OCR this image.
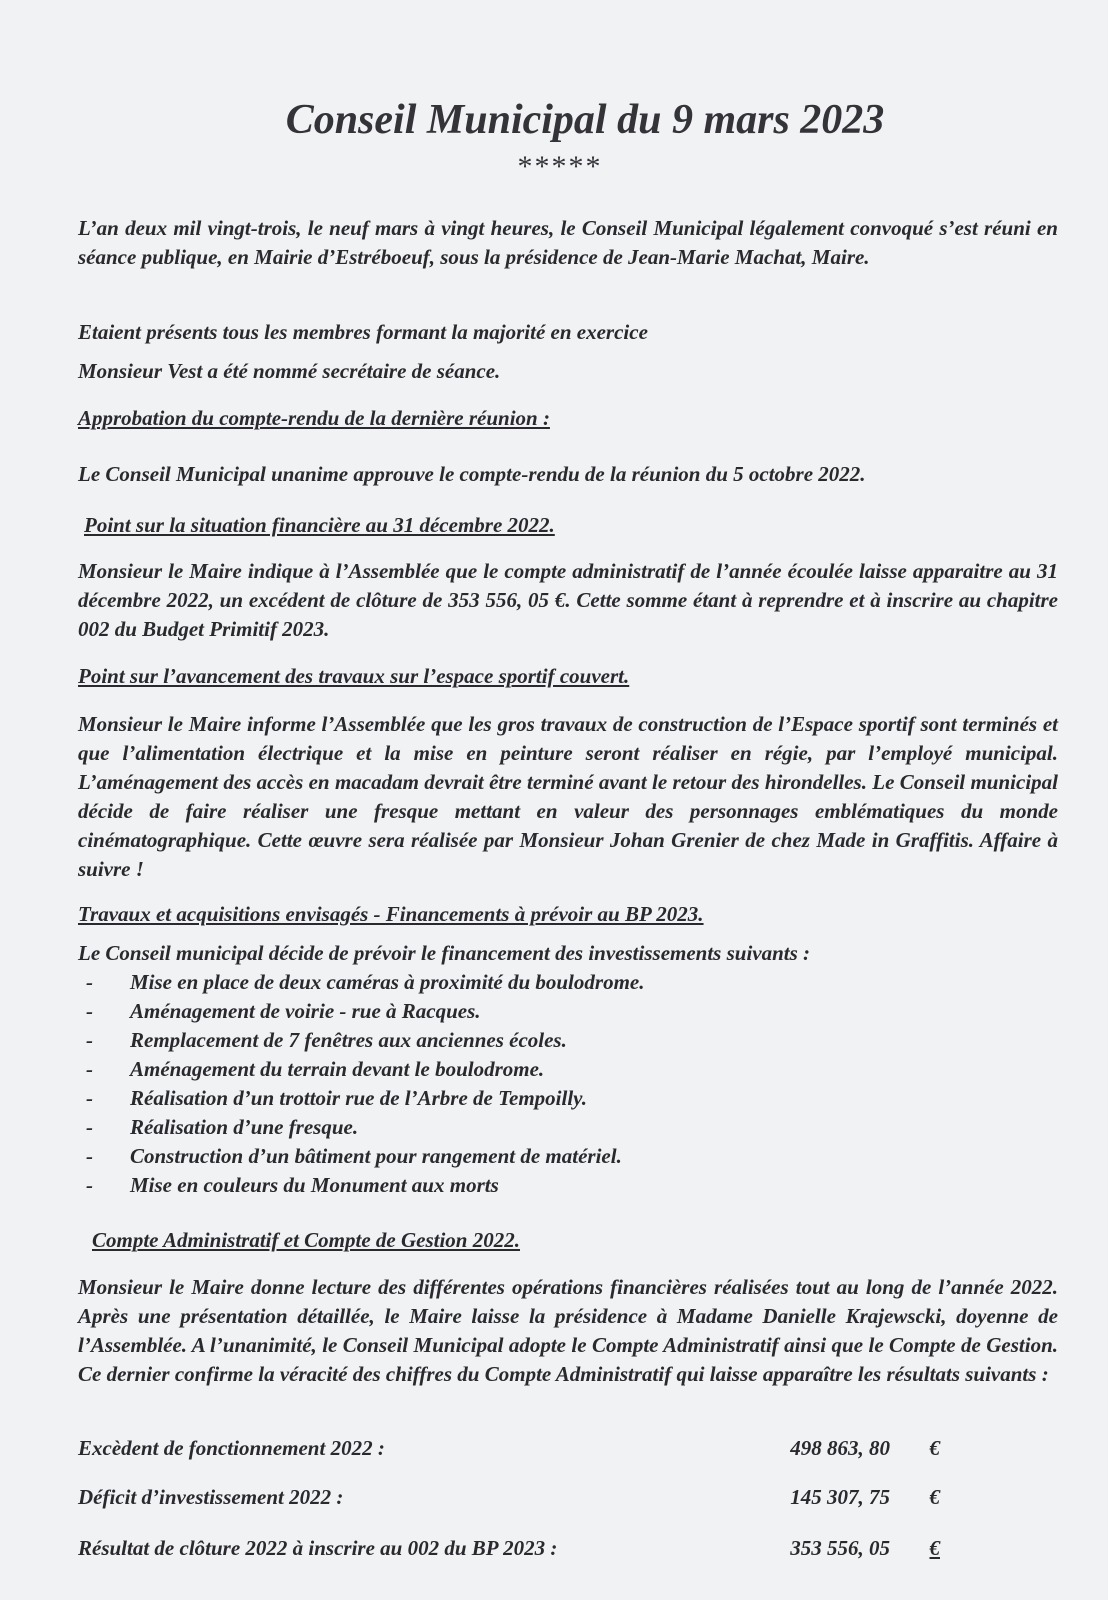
Conseil Municipal du 9 mars 2023
*****

L’an deux mil vingt-trois, le neuf mars à vingt heures, le Conseil Municipal légalement convoqué s’est réuni en séance publique, en Mairie d’Estréboeuf, sous la présidence de Jean-Marie Machat, Maire.

Etaient présents tous les membres formant la majorité en exercice

Monsieur Vest a été nommé secrétaire de séance.

Approbation du compte-rendu de la dernière réunion :

Le Conseil Municipal unanime approuve le compte-rendu de la réunion du 5 octobre 2022.

Point sur la situation financière au 31 décembre 2022.

Monsieur le Maire indique à l’Assemblée que le compte administratif de l’année écoulée laisse apparaitre au 31 décembre 2022, un excédent de clôture de 353 556, 05 €. Cette somme étant à reprendre et à inscrire au chapitre 002 du Budget Primitif 2023.

Point sur l’avancement des travaux sur l’espace sportif couvert.

Monsieur le Maire informe l’Assemblée que les gros travaux de construction de l’Espace sportif sont terminés et que l’alimentation électrique et la mise en peinture seront réaliser en régie, par l’employé municipal. L’aménagement des accès en macadam devrait être terminé avant le retour des hirondelles. Le Conseil municipal décide de faire réaliser une fresque mettant en valeur des personnages emblématiques du monde cinématographique. Cette œuvre sera réalisée par Monsieur Johan Grenier de chez Made in Graffitis. Affaire à suivre !

Travaux et acquisitions envisagés - Financements à prévoir au BP 2023.

Le Conseil municipal décide de prévoir le financement des investissements suivants :

- Mise en place de deux caméras à proximité du boulodrome.
- Aménagement de voirie - rue à Racques.
- Remplacement de 7 fenêtres aux anciennes écoles.
- Aménagement du terrain devant le boulodrome.
- Réalisation d’un trottoir rue de l’Arbre de Tempoilly.
- Réalisation d’une fresque.
- Construction d’un bâtiment pour rangement de matériel.
- Mise en couleurs du Monument aux morts

Compte Administratif et Compte de Gestion 2022.

Monsieur le Maire donne lecture des différentes opérations financières réalisées tout au long de l’année 2022. Après une présentation détaillée, le Maire laisse la présidence à Madame Danielle Krajewscki, doyenne de l’Assemblée. A l’unanimité, le Conseil Municipal adopte le Compte Administratif ainsi que le Compte de Gestion. Ce dernier confirme la véracité des chiffres du Compte Administratif qui laisse apparaître les résultats suivants :

Excèdent de fonctionnement 2022 :	498 863, 80 €
Déficit d’investissement 2022 :	145 307, 75 €
Résultat de clôture 2022 à inscrire au 002 du BP 2023 :	353 556, 05 €
